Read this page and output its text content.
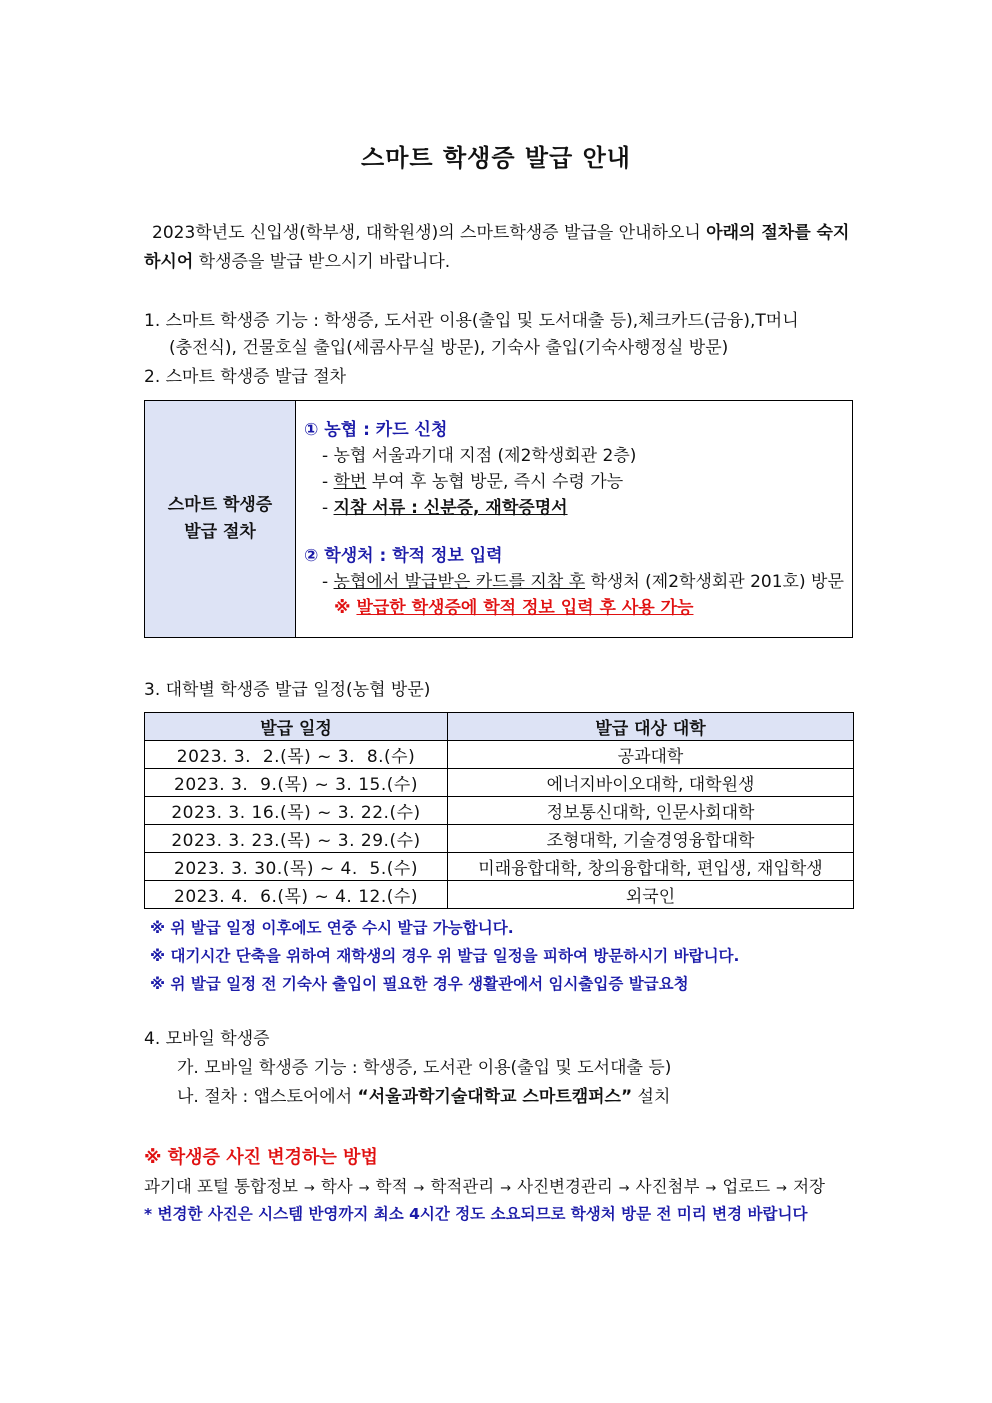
스마트 학생증 발급 안내
2023학년도 신입생(학부생, 대학원생)의 스마트학생증 발급을 안내하오니 아래의 절차를 숙지하시어 학생증을 발급 받으시기 바랍니다.
1. 스마트 학생증 기능 : 학생증, 도서관 이용(출입 및 도서대출 등),체크카드(금융),T머니
(충전식), 건물호실 출입(세콤사무실 방문), 기숙사 출입(기숙사행정실 방문)
2. 스마트 학생증 발급 절차
스마트 학생증
발급 절차

① 농협 : 카드 신청
- 농협 서울과기대 지점 (제2학생회관 2층)
- 학번 부여 후 농협 방문, 즉시 수령 가능
- 지참 서류 : 신분증, 재학증명서
② 학생처 : 학적 정보 입력
- 농협에서 발급받은 카드를 지참 후 학생처 (제2학생회관 201호) 방문
※ 발급한 학생증에 학적 정보 입력 후 사용 가능
3. 대학별 학생증 발급 일정(농협 방문)
발급 일정	발급 대상 대학
2023. 3.  2.(목) ~ 3.  8.(수)	공과대학
2023. 3.  9.(목) ~ 3. 15.(수)	에너지바이오대학, 대학원생
2023. 3. 16.(목) ~ 3. 22.(수)	정보통신대학, 인문사회대학
2023. 3. 23.(목) ~ 3. 29.(수)	조형대학, 기술경영융합대학
2023. 3. 30.(목) ~ 4.  5.(수)	미래융합대학, 창의융합대학, 편입생, 재입학생
2023. 4.  6.(목) ~ 4. 12.(수)	외국인
※ 위 발급 일정 이후에도 연중 수시 발급 가능합니다.
※ 대기시간 단축을 위하여 재학생의 경우 위 발급 일정을 피하여 방문하시기 바랍니다.
※ 위 발급 일정 전 기숙사 출입이 필요한 경우 생활관에서 임시출입증 발급요청
4. 모바일 학생증
가. 모바일 학생증 기능 : 학생증, 도서관 이용(출입 및 도서대출 등)
나. 절차 : 앱스토어에서 “서울과학기술대학교 스마트캠퍼스” 설치
※ 학생증 사진 변경하는 방법
과기대 포털 통합정보 → 학사 → 학적 → 학적관리 → 사진변경관리 → 사진첨부 → 업로드 → 저장
* 변경한 사진은 시스템 반영까지 최소 4시간 정도 소요되므로 학생처 방문 전 미리 변경 바랍니다
